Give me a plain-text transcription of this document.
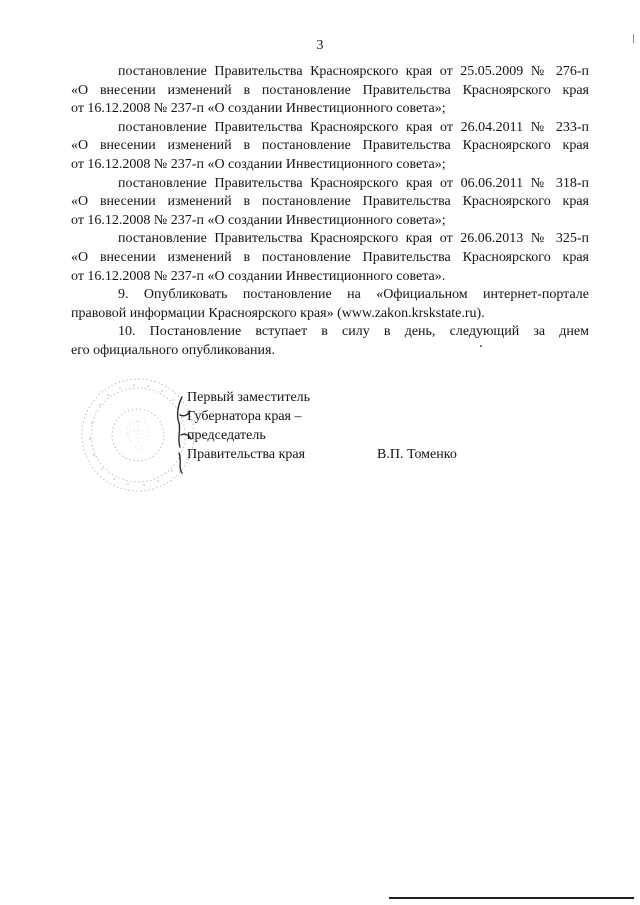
3

постановление Правительства Красноярского края от 25.05.2009 № 276-п
«О внесении изменений в постановление Правительства Красноярского края
от 16.12.2008 № 237-п «О создании Инвестиционного совета»;

постановление Правительства Красноярского края от 26.04.2011 № 233-п
«О внесении изменений в постановление Правительства Красноярского края
от 16.12.2008 № 237-п «О создании Инвестиционного совета»;

постановление Правительства Красноярского края от 06.06.2011 № 318-п
«О внесении изменений в постановление Правительства Красноярского края
от 16.12.2008 № 237-п «О создании Инвестиционного совета»;

постановление Правительства Красноярского края от 26.06.2013 № 325-п
«О внесении изменений в постановление Правительства Красноярского края
от 16.12.2008 № 237-п «О создании Инвестиционного совета».

9. Опубликовать постановление на «Официальном интернет-портале
правовой информации Красноярского края» (www.zakon.krskstate.ru).

10. Постановление вступает в силу в день, следующий за днем
его официального опубликования.

Первый заместитель
Губернатора края –
председатель
Правительства края	В.П. Томенко
